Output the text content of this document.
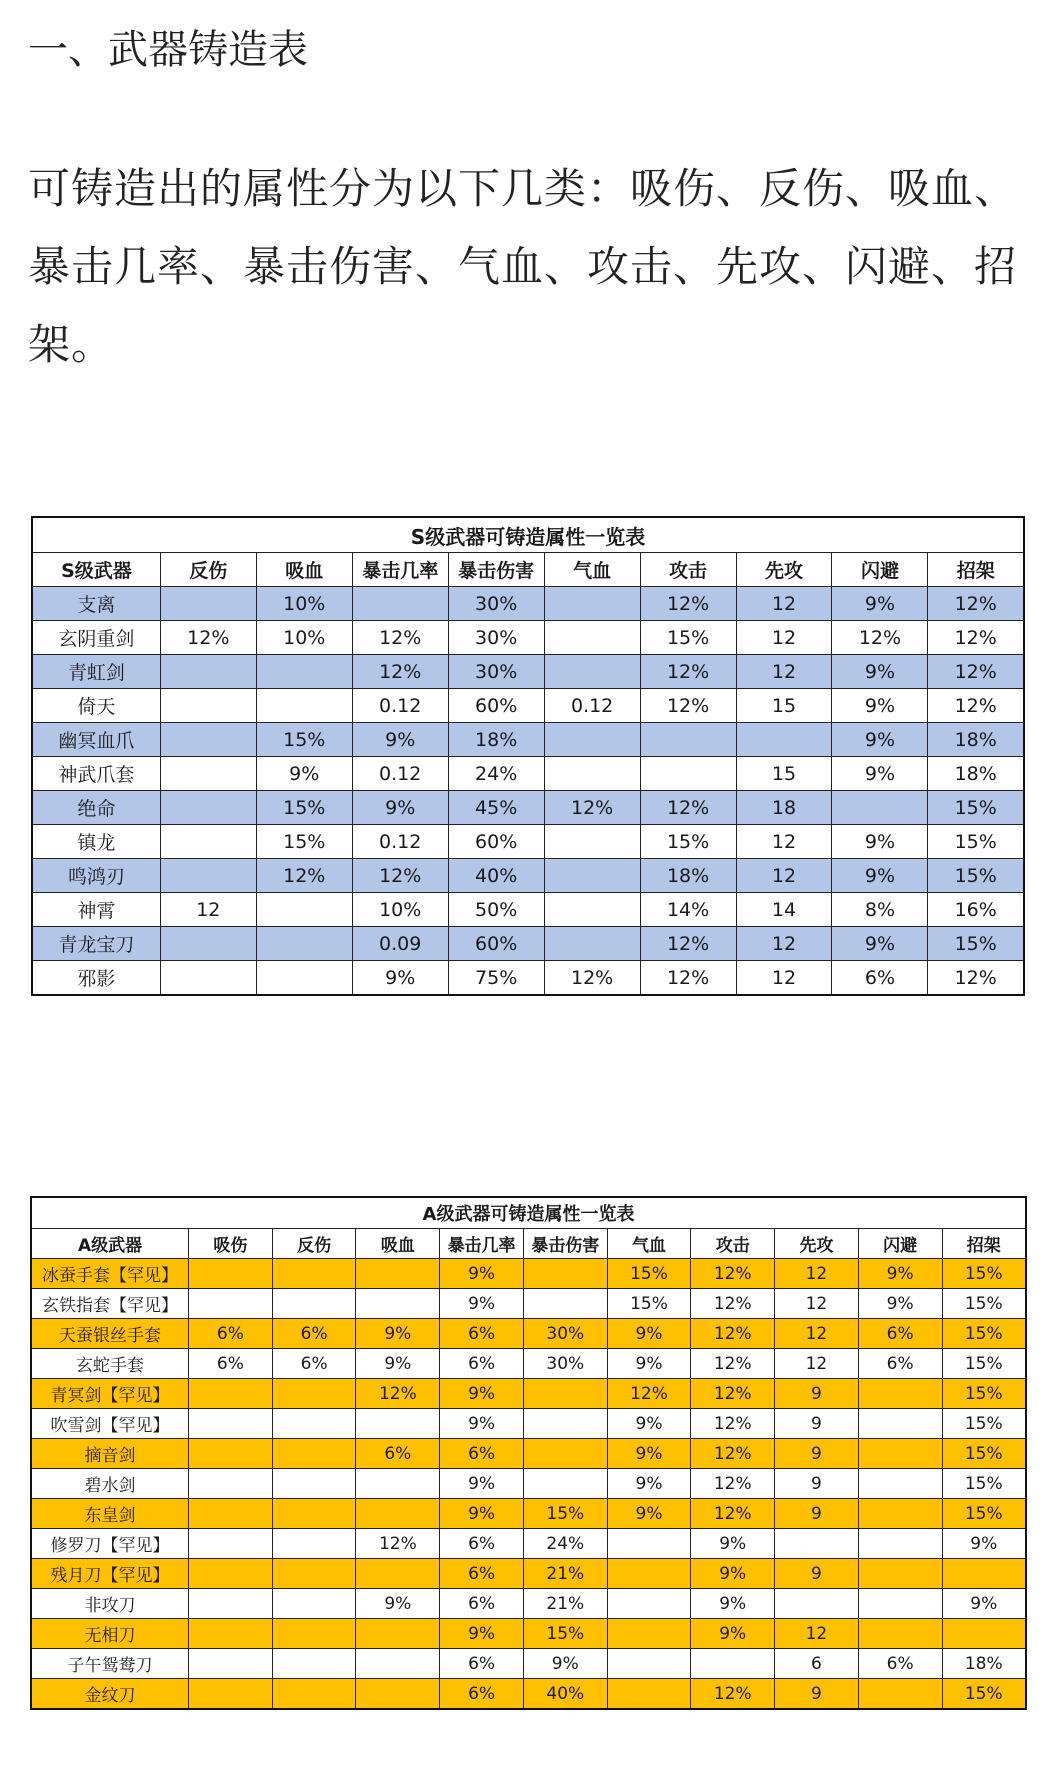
一、武器铸造表
可铸造出的属性分为以下几类：吸伤、反伤、吸血、暴击几率、暴击伤害、气血、攻击、先攻、闪避、招架。
S级武器可铸造属性一览表									
S级武器	反伤	吸血	暴击几率	暴击伤害	气血	攻击	先攻	闪避	招架
支离		10%		30%		12%	12	9%	12%
玄阴重剑	12%	10%	12%	30%		15%	12	12%	12%
青虹剑			12%	30%		12%	12	9%	12%
倚天			0.12	60%	0.12	12%	15	9%	12%
幽冥血爪		15%	9%	18%				9%	18%
神武爪套		9%	0.12	24%			15	9%	18%
绝命		15%	9%	45%	12%	12%	18		15%
镇龙		15%	0.12	60%		15%	12	9%	15%
鸣鸿刃		12%	12%	40%		18%	12	9%	15%
神霄	12		10%	50%		14%	14	8%	16%
青龙宝刀			0.09	60%		12%	12	9%	15%
邪影			9%	75%	12%	12%	12	6%	12%
A级武器可铸造属性一览表										
A级武器	吸伤	反伤	吸血	暴击几率	暴击伤害	气血	攻击	先攻	闪避	招架
冰蚕手套【罕见】				9%		15%	12%	12	9%	15%
玄铁指套【罕见】				9%		15%	12%	12	9%	15%
天蚕银丝手套	6%	6%	9%	6%	30%	9%	12%	12	6%	15%
玄蛇手套	6%	6%	9%	6%	30%	9%	12%	12	6%	15%
青冥剑【罕见】			12%	9%		12%	12%	9		15%
吹雪剑【罕见】				9%		9%	12%	9		15%
摘音剑			6%	6%		9%	12%	9		15%
碧水剑				9%		9%	12%	9		15%
东皇剑				9%	15%	9%	12%	9		15%
修罗刀【罕见】			12%	6%	24%		9%			9%
残月刀【罕见】				6%	21%		9%	9		
非攻刀			9%	6%	21%		9%			9%
无相刀				9%	15%		9%	12		
子午鸳鸯刀				6%	9%			6	6%	18%
金纹刀				6%	40%		12%	9		15%
